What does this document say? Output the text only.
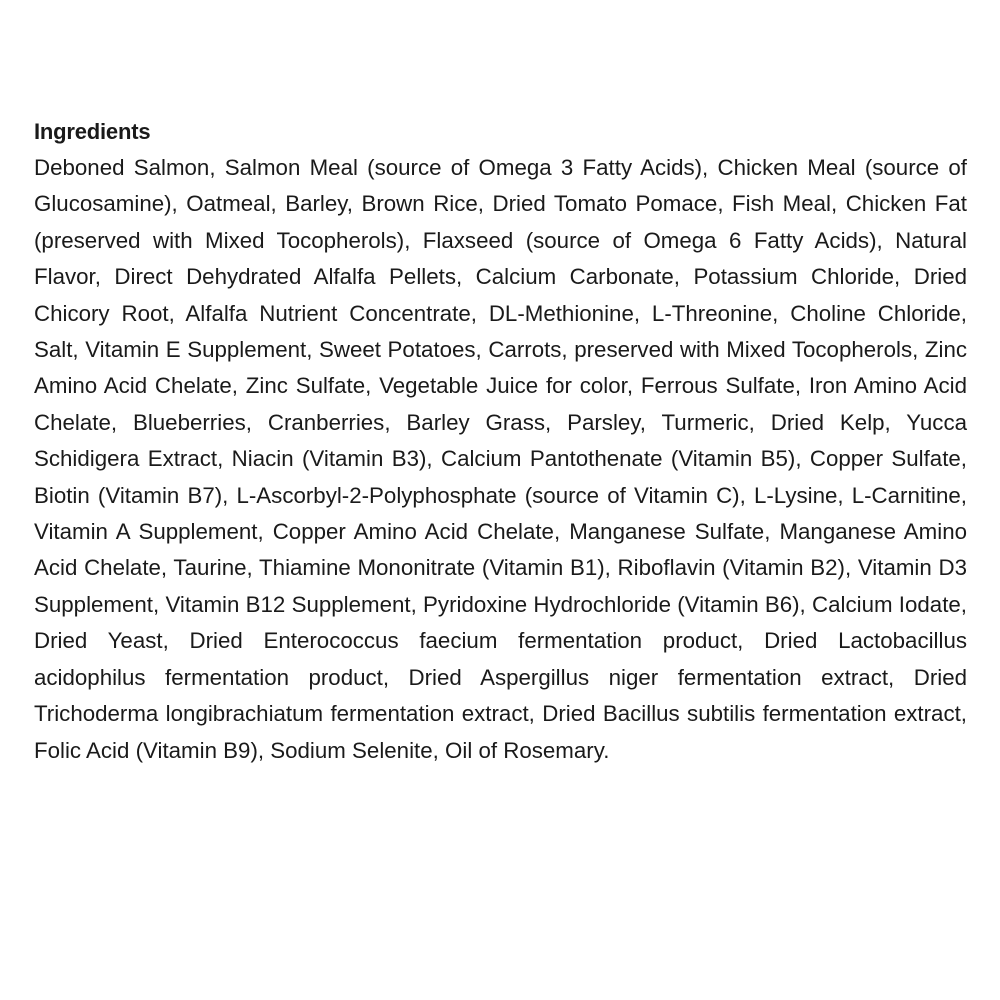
Ingredients

Deboned Salmon, Salmon Meal (source of Omega 3 Fatty Acids), Chicken Meal (source of Glucosamine), Oatmeal, Barley, Brown Rice, Dried Tomato Pomace, Fish Meal, Chicken Fat (preserved with Mixed Tocopherols), Flaxseed (source of Omega 6 Fatty Acids), Natural Flavor, Direct Dehydrated Alfalfa Pellets, Calcium Carbonate, Potassium Chloride, Dried Chicory Root, Alfalfa Nutrient Concentrate, DL-Methionine, L-Threonine, Choline Chloride, Salt, Vitamin E Supplement, Sweet Potatoes, Carrots, preserved with Mixed Tocopherols, Zinc Amino Acid Chelate, Zinc Sulfate, Vegetable Juice for color, Ferrous Sulfate, Iron Amino Acid Chelate, Blueberries, Cranberries, Barley Grass, Parsley, Turmeric, Dried Kelp, Yucca Schidigera Extract, Niacin (Vitamin B3), Calcium Pantothenate (Vitamin B5), Copper Sulfate, Biotin (Vitamin B7), L-Ascorbyl-2-Polyphosphate (source of Vitamin C), L-Lysine, L-Carnitine, Vitamin A Supplement, Copper Amino Acid Chelate, Manganese Sulfate, Manganese Amino Acid Chelate, Taurine, Thiamine Mononitrate (Vitamin B1), Riboflavin (Vitamin B2), Vitamin D3 Supplement, Vitamin B12 Supplement, Pyridoxine Hydrochloride (Vitamin B6), Calcium Iodate, Dried Yeast, Dried Enterococcus faecium fermentation product, Dried Lactobacillus acidophilus fermentation product, Dried Aspergillus niger fermentation extract, Dried Trichoderma longibrachiatum fermentation extract, Dried Bacillus subtilis fermentation extract, Folic Acid (Vitamin B9), Sodium Selenite, Oil of Rosemary.
